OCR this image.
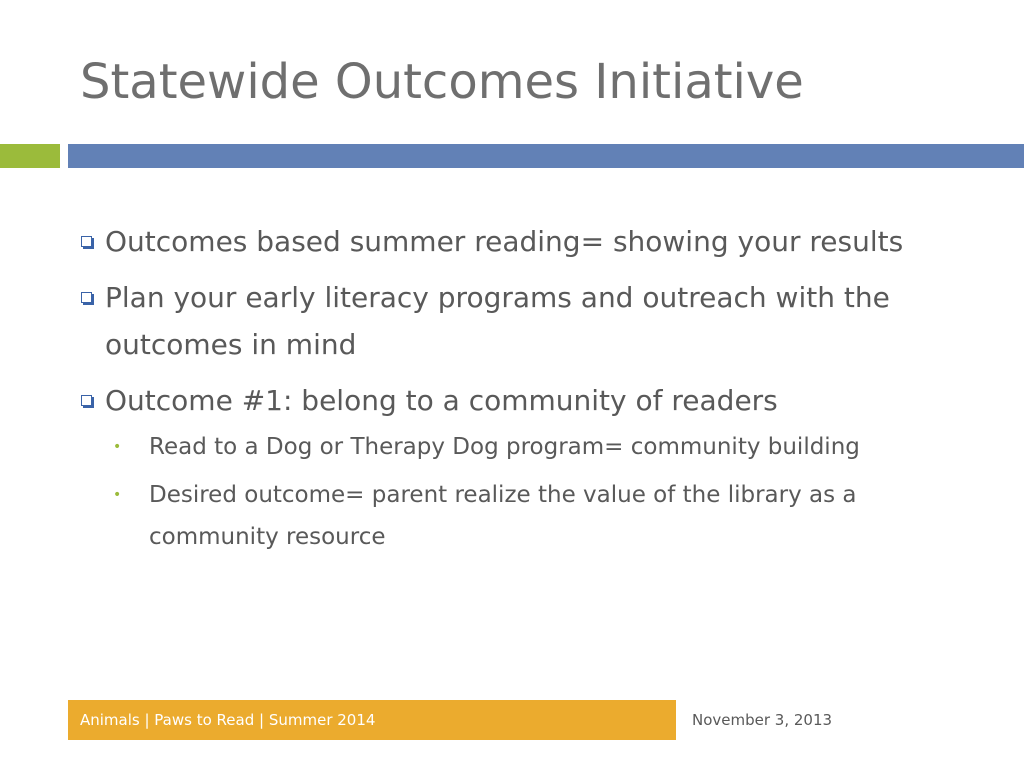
Statewide Outcomes Initiative
Outcomes based summer reading= showing your results
Plan your early literacy programs and outreach with the outcomes in mind
Outcome #1: belong to a community of readers
• Read to a Dog or Therapy Dog program= community building
• Desired outcome= parent realize the value of the library as a community resource
Animals | Paws to Read | Summer 2014	November 3, 2013
